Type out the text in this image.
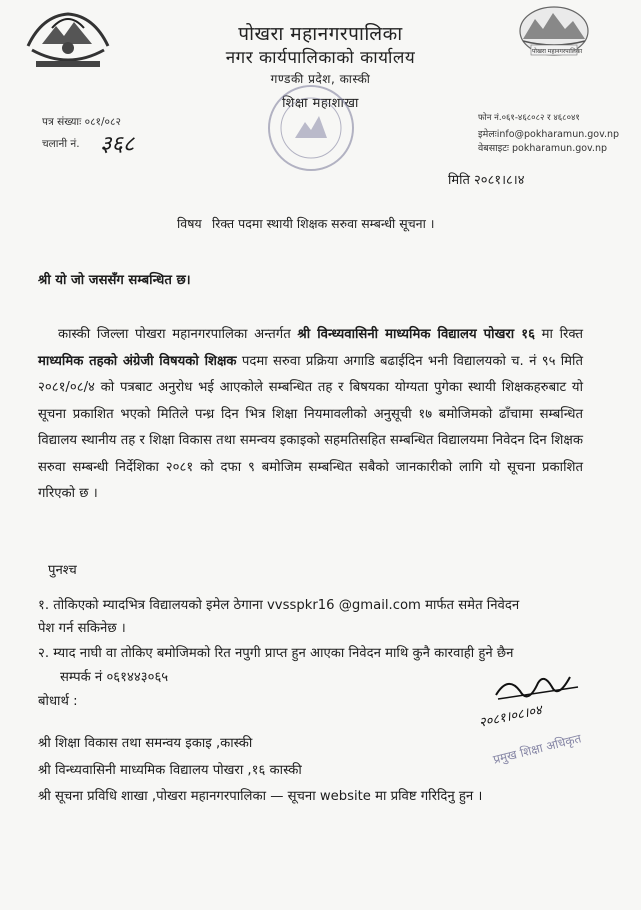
पोखरा महानगरपालिका
पोखरा महानगरपालिका
नगर कार्यपालिकाको कार्यालय
गण्डकी प्रदेश, कास्की
शिक्षा महाशाखा
पत्र संख्याः ०८१/०८२
चलानी नं. ३६८
फोन नं.०६१-४६८०८२ र ४६८०४१
इमेलःinfo@pokharamun.gov.np
वेबसाइटः pokharamun.gov.np
मिति २०८१।८।४
विषय रिक्त पदमा स्थायी शिक्षक सरुवा सम्बन्धी सूचना ।
श्री यो जो जससँग सम्बन्धित छ।
कास्की जिल्ला पोखरा महानगरपालिका अन्तर्गत श्री विन्ध्यवासिनी माध्यमिक विद्यालय पोखरा १६ मा रिक्त माध्यमिक तहको अंग्रेजी विषयको शिक्षक पदमा सरुवा प्रक्रिया अगाडि बढाईदिन भनी विद्यालयको च. नं ९५ मिति २०८१/०८/४ को पत्रबाट अनुरोध भई आएकोले सम्बन्धित तह र बिषयका योग्यता पुगेका स्थायी शिक्षकहरुबाट यो सूचना प्रकाशित भएको मितिले पन्ध्र दिन भित्र शिक्षा नियमावलीको अनुसूची १७ बमोजिमको ढाँचामा सम्बन्धित विद्यालय स्थानीय तह र शिक्षा विकास तथा समन्वय इकाइको सहमतिसहित सम्बन्धित विद्यालयमा निवेदन दिन शिक्षक सरुवा सम्बन्धी निर्देशिका २०८१ को दफा ९ बमोजिम सम्बन्धित सबैको जानकारीको लागि यो सूचना प्रकाशित गरिएको छ ।
पुनश्च
१. तोकिएको म्यादभित्र विद्यालयको इमेल ठेगाना vvsspkr16 @gmail.com मार्फत समेत निवेदन
पेश गर्न सकिनेछ ।
२. म्याद नाघी वा तोकिए बमोजिमको रित नपुगी प्राप्त हुन आएका निवेदन माथि कुनै कारवाही हुने छैन
सम्पर्क नं ०६१४४३०६५
बोधार्थ :
श्री शिक्षा विकास तथा समन्वय इकाइ ,कास्की
श्री विन्ध्यवासिनी माध्यमिक विद्यालय पोखरा ,१६ कास्की
श्री सूचना प्रविधि शाखा ,पोखरा महानगरपालिका — सूचना website मा प्रविष्ट गरिदिनु हुन ।
२०८१।०८।०४
प्रमुख शिक्षा अधिकृत
